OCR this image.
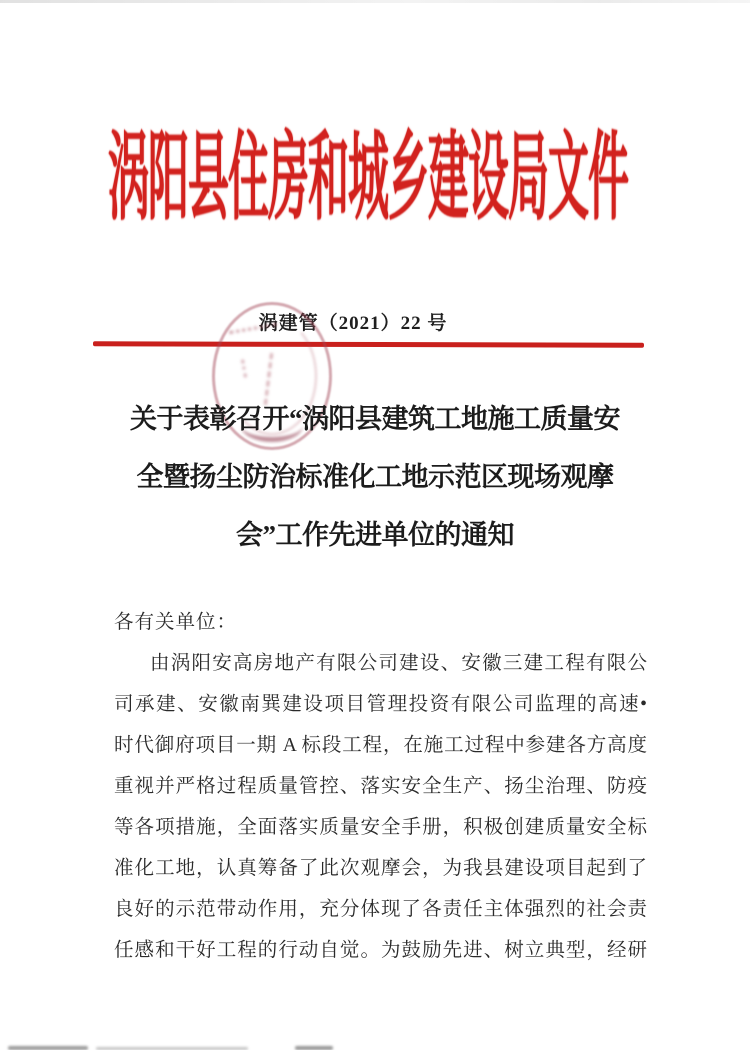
涡阳县住房和城乡建设局文件
涡建管（2021）22 号
关于表彰召开“涡阳县建筑工地施工质量安
全暨扬尘防治标准化工地示范区现场观摩
会”工作先进单位的通知
各有关单位：
由涡阳安高房地产有限公司建设、安徽三建工程有限公
司承建、安徽南巽建设项目管理投资有限公司监理的高速•
时代御府项目一期 A 标段工程，在施工过程中参建各方高度
重视并严格过程质量管控、落实安全生产、扬尘治理、防疫
等各项措施，全面落实质量安全手册，积极创建质量安全标
准化工地，认真筹备了此次观摩会，为我县建设项目起到了
良好的示范带动作用，充分体现了各责任主体强烈的社会责
任感和干好工程的行动自觉。为鼓励先进、树立典型，经研
